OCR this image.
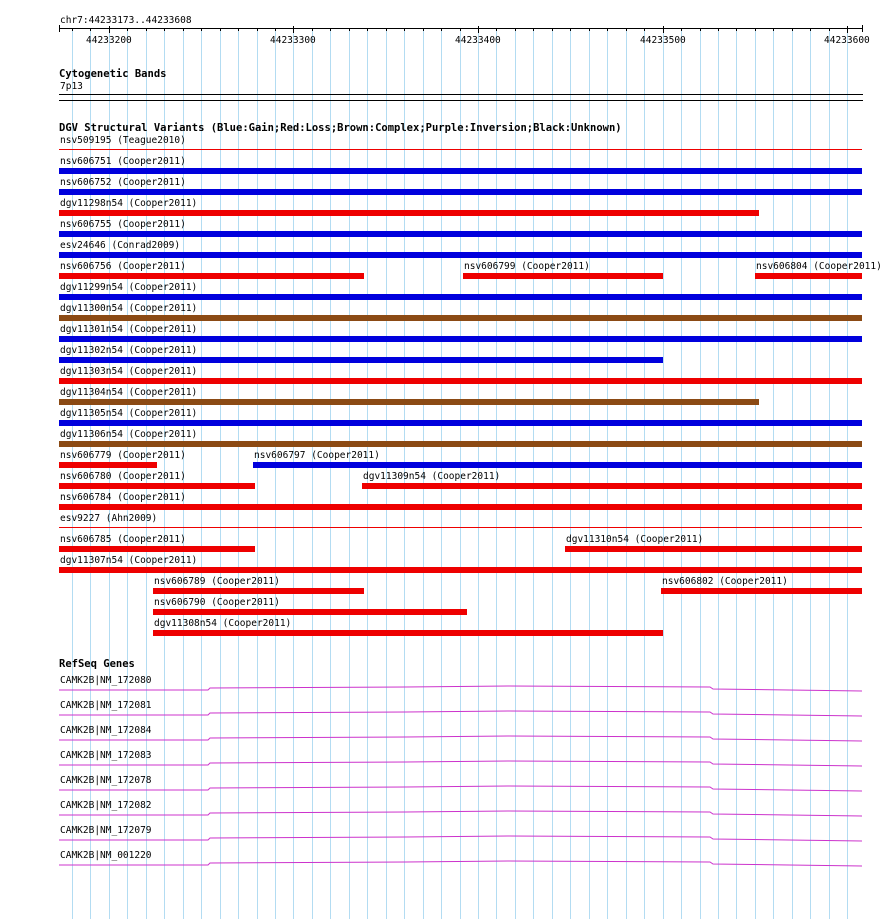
chr7:44233173..44233608
44233200	44233300	44233400	44233500	44233600
Cytogenetic Bands
7p13
DGV Structural Variants (Blue:Gain;Red:Loss;Brown:Complex;Purple:Inversion;Black:Unknown)
nsv509195 (Teague2010)
nsv606751 (Cooper2011)
nsv606752 (Cooper2011)
dgv11298n54 (Cooper2011)
nsv606755 (Cooper2011)
esv24646 (Conrad2009)
nsv606756 (Cooper2011)	nsv606799 (Cooper2011)	nsv606804 (Cooper2011)
dgv11299n54 (Cooper2011)
dgv11300n54 (Cooper2011)
dgv11301n54 (Cooper2011)
dgv11302n54 (Cooper2011)
dgv11303n54 (Cooper2011)
dgv11304n54 (Cooper2011)
dgv11305n54 (Cooper2011)
dgv11306n54 (Cooper2011)
nsv606779 (Cooper2011)	nsv606797 (Cooper2011)
nsv606780 (Cooper2011)	dgv11309n54 (Cooper2011)
nsv606784 (Cooper2011)
esv9227 (Ahn2009)
nsv606785 (Cooper2011)	dgv11310n54 (Cooper2011)
dgv11307n54 (Cooper2011)
nsv606789 (Cooper2011)	nsv606802 (Cooper2011)
nsv606790 (Cooper2011)
dgv11308n54 (Cooper2011)
RefSeq Genes
CAMK2B|NM_172080
CAMK2B|NM_172081
CAMK2B|NM_172084
CAMK2B|NM_172083
CAMK2B|NM_172078
CAMK2B|NM_172082
CAMK2B|NM_172079
CAMK2B|NM_001220
